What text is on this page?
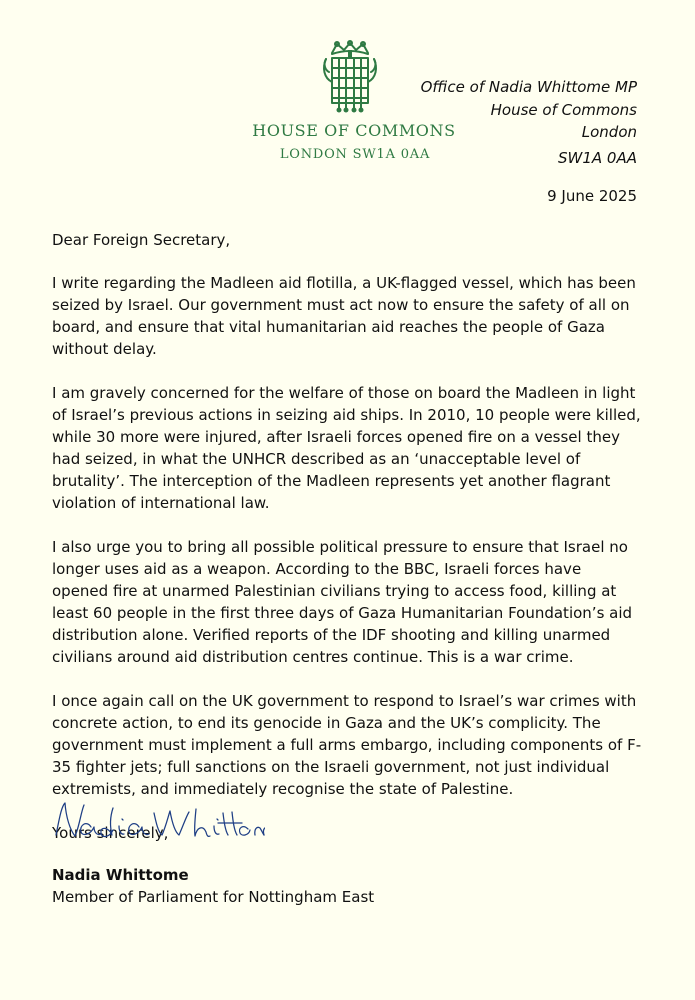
HOUSE OF COMMONS
LONDON SW1A 0AA
Office of Nadia Whittome MP
House of Commons
London
SW1A 0AA
9 June 2025

Dear Foreign Secretary,

I write regarding the Madleen aid flotilla, a UK-flagged vessel, which has been seized by Israel. Our government must act now to ensure the safety of all on board, and ensure that vital humanitarian aid reaches the people of Gaza without delay.

I am gravely concerned for the welfare of those on board the Madleen in light of Israel’s previous actions in seizing aid ships. In 2010, 10 people were killed, while 30 more were injured, after Israeli forces opened fire on a vessel they had seized, in what the UNHCR described as an ‘unacceptable level of brutality’. The interception of the Madleen represents yet another flagrant violation of international law.

I also urge you to bring all possible political pressure to ensure that Israel no longer uses aid as a weapon. According to the BBC, Israeli forces have opened fire at unarmed Palestinian civilians trying to access food, killing at least 60 people in the first three days of Gaza Humanitarian Foundation’s aid distribution alone. Verified reports of the IDF shooting and killing unarmed civilians around aid distribution centres continue. This is a war crime.

I once again call on the UK government to respond to Israel’s war crimes with concrete action, to end its genocide in Gaza and the UK’s complicity. The government must implement a full arms embargo, including components of F-35 fighter jets; full sanctions on the Israeli government, not just individual extremists, and immediately recognise the state of Palestine.

Yours sincerely,

Nadia Whittome
Member of Parliament for Nottingham East
